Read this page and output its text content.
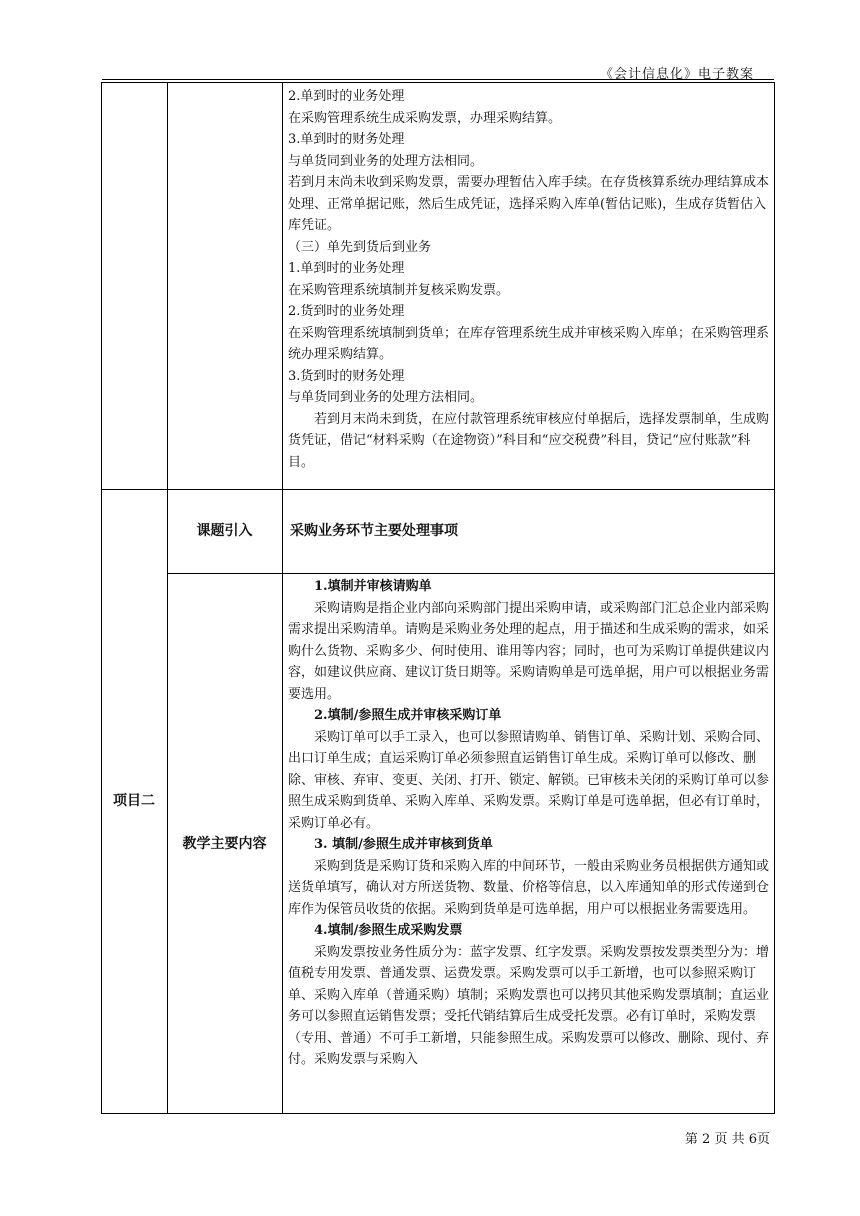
《会计信息化》电子教案

2.单到时的业务处理

在采购管理系统生成采购发票，办理采购结算。

3.单到时的财务处理

与单货同到业务的处理方法相同。

若到月末尚未收到采购发票，需要办理暂估入库手续。在存货核算系统办理结算成本处理、正常单据记账，然后生成凭证，选择采购入库单(暂估记账)，生成存货暂估入库凭证。

（三）单先到货后到业务

1.单到时的业务处理

在采购管理系统填制并复核采购发票。

2.货到时的业务处理

在采购管理系统填制到货单；在库存管理系统生成并审核采购入库单；在采购管理系统办理采购结算。

3.货到时的财务处理

与单货同到业务的处理方法相同。

若到月末尚未到货，在应付款管理系统审核应付单据后，选择发票制单，生成购货凭证，借记“材料采购（在途物资）”科目和“应交税费”科目，贷记“应付账款”科目。

项目二
课题引入	采购业务环节主要处理事项
教学主要内容

1.填制并审核请购单

采购请购是指企业内部向采购部门提出采购申请，或采购部门汇总企业内部采购需求提出采购清单。请购是采购业务处理的起点，用于描述和生成采购的需求，如采购什么货物、采购多少、何时使用、谁用等内容；同时，也可为采购订单提供建议内容，如建议供应商、建议订货日期等。采购请购单是可选单据，用户可以根据业务需要选用。

2.填制/参照生成并审核采购订单

采购订单可以手工录入，也可以参照请购单、销售订单、采购计划、采购合同、出口订单生成；直运采购订单必须参照直运销售订单生成。采购订单可以修改、删除、审核、弃审、变更、关闭、打开、锁定、解锁。已审核未关闭的采购订单可以参照生成采购到货单、采购入库单、采购发票。采购订单是可选单据，但必有订单时，采购订单必有。

3. 填制/参照生成并审核到货单

采购到货是采购订货和采购入库的中间环节，一般由采购业务员根据供方通知或送货单填写，确认对方所送货物、数量、价格等信息，以入库通知单的形式传递到仓库作为保管员收货的依据。采购到货单是可选单据，用户可以根据业务需要选用。

4.填制/参照生成采购发票

采购发票按业务性质分为：蓝字发票、红字发票。采购发票按发票类型分为：增值税专用发票、普通发票、运费发票。采购发票可以手工新增，也可以参照采购订单、采购入库单（普通采购）填制；采购发票也可以拷贝其他采购发票填制；直运业务可以参照直运销售发票；受托代销结算后生成受托发票。必有订单时，采购发票（专用、普通）不可手工新增，只能参照生成。采购发票可以修改、删除、现付、弃付。采购发票与采购入

第 2 页 共 6页
